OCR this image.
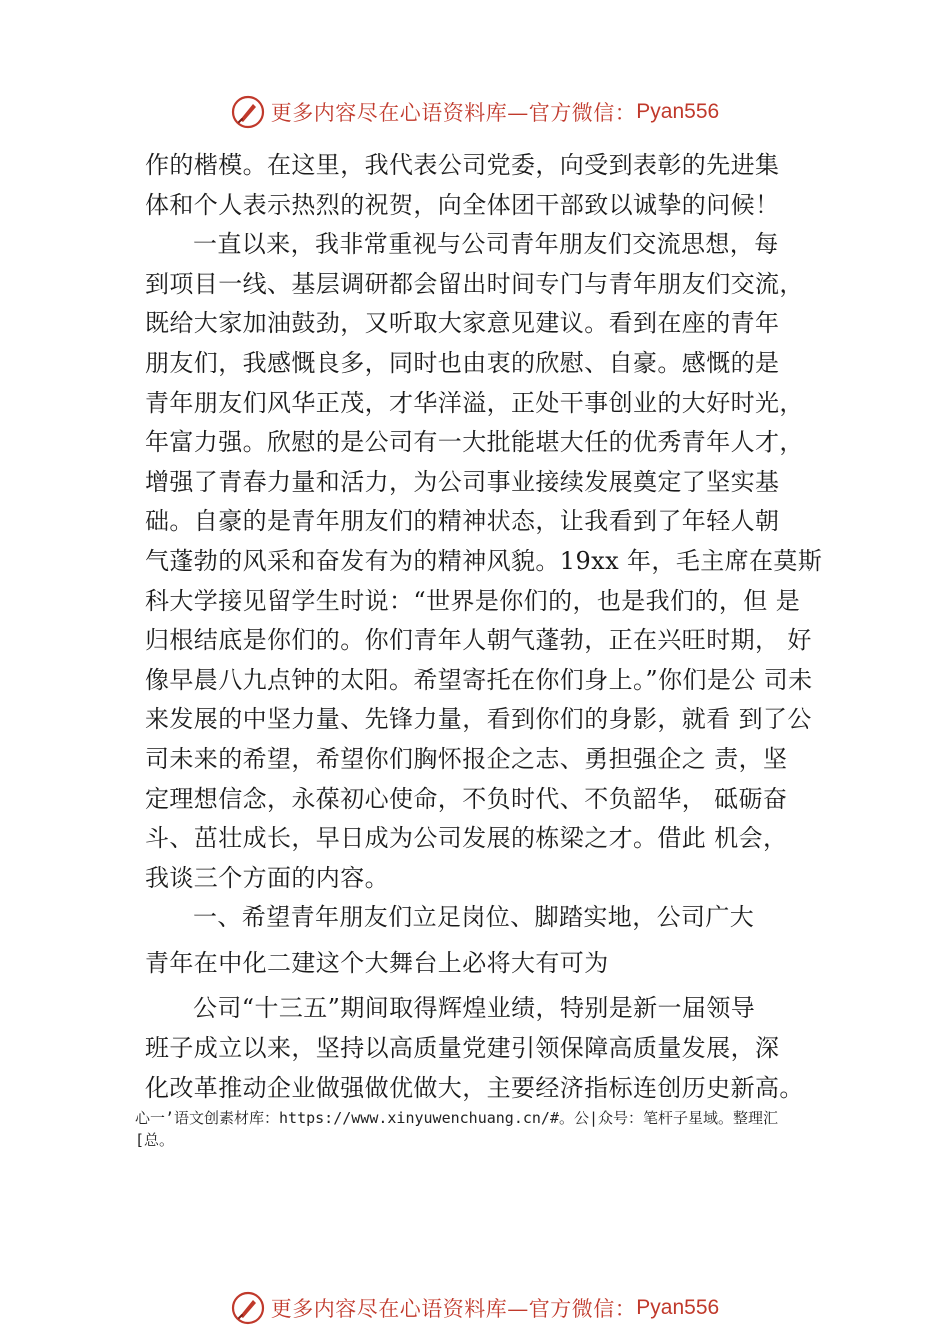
更多内容尽在心语资料库—官方微信： Pyan556
作的楷模。在这里，我代表公司党委，向受到表彰的先进集
体和个人表示热烈的祝贺，向全体团干部致以诚挚的问候！
一直以来，我非常重视与公司青年朋友们交流思想，每
到项目一线、基层调研都会留出时间专门与青年朋友们交流，
既给大家加油鼓劲，又听取大家意见建议。看到在座的青年
朋友们，我感慨良多，同时也由衷的欣慰、自豪。感慨的是
青年朋友们风华正茂，才华洋溢，正处干事创业的大好时光，
年富力强。欣慰的是公司有一大批能堪大任的优秀青年人才，
增强了青春力量和活力，为公司事业接续发展奠定了坚实基
础。自豪的是青年朋友们的精神状态，让我看到了年轻人朝
气蓬勃的风采和奋发有为的精神风貌。19xx 年，毛主席在莫斯
科大学接见留学生时说：“世界是你们的，也是我们的，但 是
归根结底是你们的。你们青年人朝气蓬勃，正在兴旺时期， 好
像早晨八九点钟的太阳。希望寄托在你们身上。”你们是公 司未
来发展的中坚力量、先锋力量，看到你们的身影，就看 到了公
司未来的希望，希望你们胸怀报企之志、勇担强企之 责，坚
定理想信念，永葆初心使命，不负时代、不负韶华， 砥砺奋
斗、茁壮成长，早日成为公司发展的栋梁之才。借此 机会，
我谈三个方面的内容。
一、希望青年朋友们立足岗位、脚踏实地，公司广大
青年在中化二建这个大舞台上必将大有可为
公司“十三五”期间取得辉煌业绩，特别是新一届领导
班子成立以来，坚持以高质量党建引领保障高质量发展，深
化改革推动企业做强做优做大，主要经济指标连创历史新高。
心一’语文创素材库：https://www.xinyuwenchuang.cn/#。公|众号：笔杆子星域。整理汇
[总。
更多内容尽在心语资料库—官方微信： Pyan556
